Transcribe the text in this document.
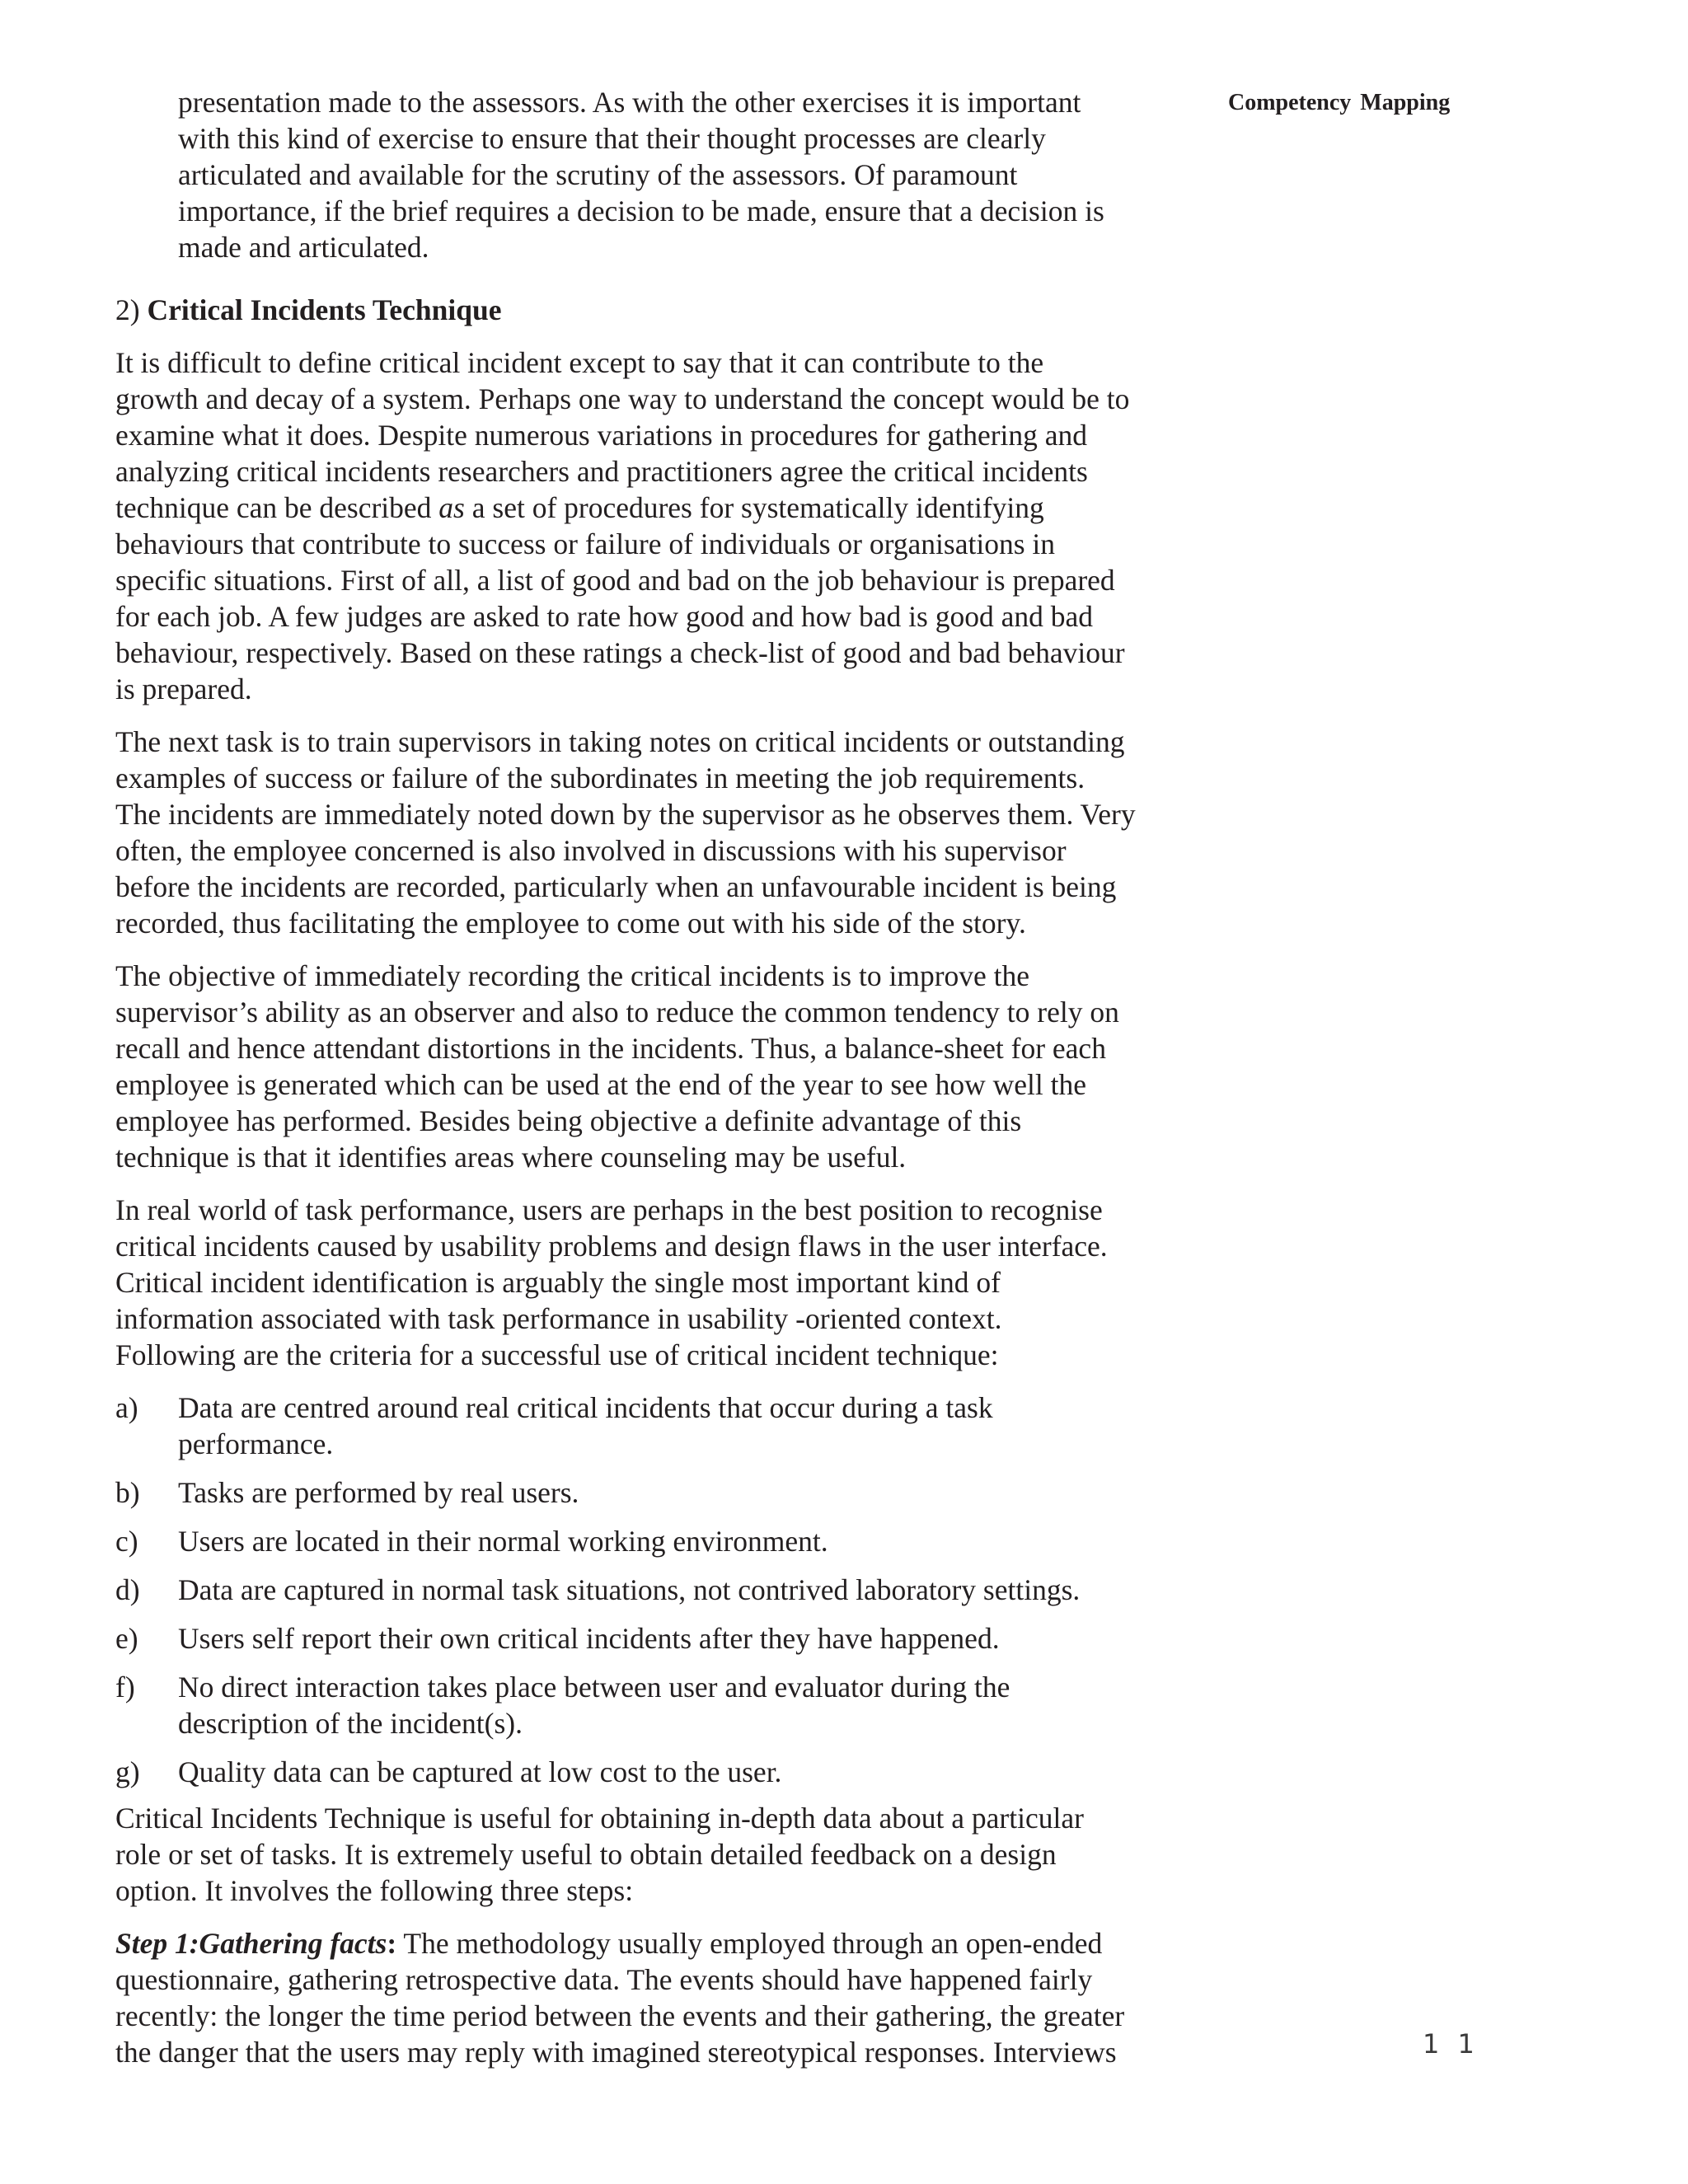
Competency Mapping
presentation made to the assessors. As with the other exercises it is important
with this kind of exercise to ensure that their thought processes are clearly
articulated and available for the scrutiny of the assessors. Of paramount
importance, if the brief requires a decision to be made, ensure that a decision is
made and articulated.
2) Critical Incidents Technique
It is difficult to define critical incident except to say that it can contribute to the
growth and decay of a system. Perhaps one way to understand the concept would be to
examine what it does. Despite numerous variations in procedures for gathering and
analyzing critical incidents researchers and practitioners agree the critical incidents
technique can be described as a set of procedures for systematically identifying
behaviours that contribute to success or failure of individuals or organisations in
specific situations. First of all, a list of good and bad on the job behaviour is prepared
for each job. A few judges are asked to rate how good and how bad is good and bad
behaviour, respectively. Based on these ratings a check-list of good and bad behaviour
is prepared.
The next task is to train supervisors in taking notes on critical incidents or outstanding
examples of success or failure of the subordinates in meeting the job requirements.
The incidents are immediately noted down by the supervisor as he observes them. Very
often, the employee concerned is also involved in discussions with his supervisor
before the incidents are recorded, particularly when an unfavourable incident is being
recorded, thus facilitating the employee to come out with his side of the story.
The objective of immediately recording the critical incidents is to improve the
supervisor’s ability as an observer and also to reduce the common tendency to rely on
recall and hence attendant distortions in the incidents. Thus, a balance-sheet for each
employee is generated which can be used at the end of the year to see how well the
employee has performed. Besides being objective a definite advantage of this
technique is that it identifies areas where counseling may be useful.
In real world of task performance, users are perhaps in the best position to recognise
critical incidents caused by usability problems and design flaws in the user interface.
Critical incident identification is arguably the single most important kind of
information associated with task performance in usability -oriented context.
Following are the criteria for a successful use of critical incident technique:
a) Data are centred around real critical incidents that occur during a task
performance.
b) Tasks are performed by real users.
c) Users are located in their normal working environment.
d) Data are captured in normal task situations, not contrived laboratory settings.
e) Users self report their own critical incidents after they have happened.
f) No direct interaction takes place between user and evaluator during the
description of the incident(s).
g) Quality data can be captured at low cost to the user.
Critical Incidents Technique is useful for obtaining in-depth data about a particular
role or set of tasks. It is extremely useful to obtain detailed feedback on a design
option. It involves the following three steps:
Step 1:Gathering facts: The methodology usually employed through an open-ended
questionnaire, gathering retrospective data. The events should have happened fairly
recently: the longer the time period between the events and their gathering, the greater
the danger that the users may reply with imagined stereotypical responses. Interviews	1 1
